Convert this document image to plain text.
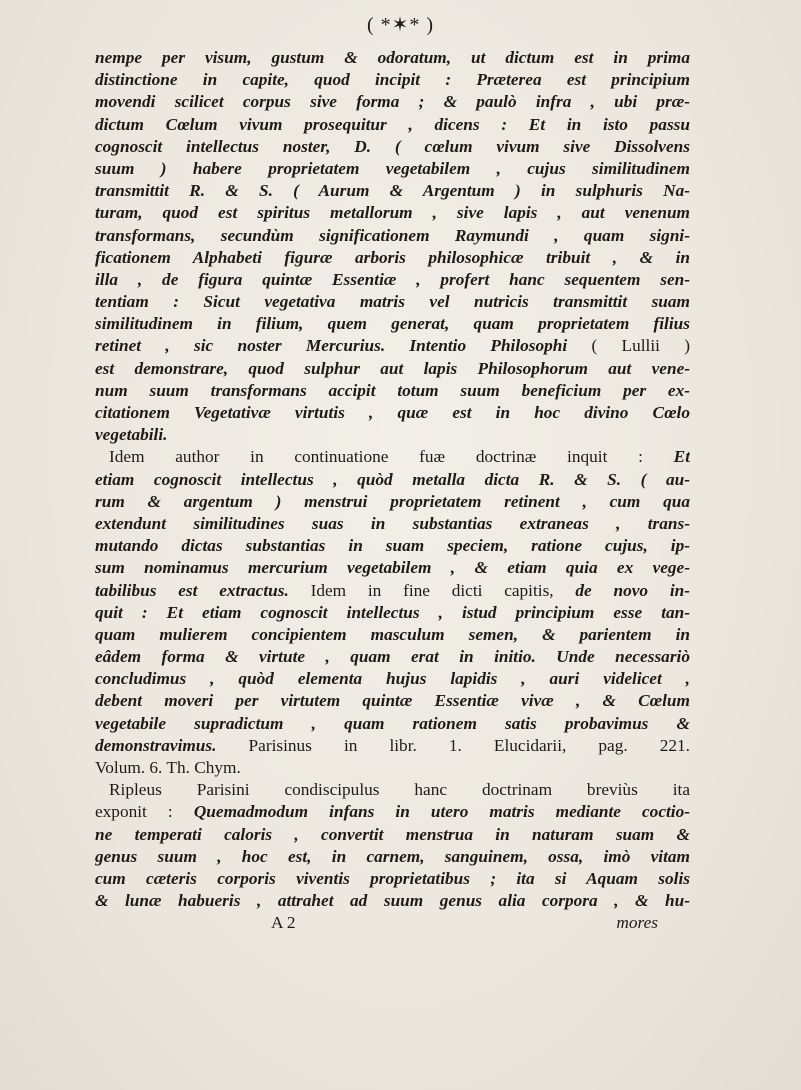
( *✶* )
nempe per visum, gustum & odoratum, ut dictum est in prima
distinctione in capite, quod incipit : Præterea est principium
movendi scilicet corpus sive forma ; & paulò infra , ubi præ-
dictum Cœlum vivum prosequitur , dicens : Et in isto passu
cognoscit intellectus noster, D. ( cœlum vivum sive Dissolvens
suum ) habere proprietatem vegetabilem , cujus similitudinem
transmittit R. & S. ( Aurum & Argentum ) in sulphuris Na-
turam, quod est spiritus metallorum , sive lapis , aut venenum
transformans, secundùm significationem Raymundi , quam signi-
ficationem Alphabeti figuræ arboris philosophicæ tribuit , & in
illa , de figura quintæ Essentiæ , profert hanc sequentem sen-
tentiam : Sicut vegetativa matris vel nutricis transmittit suam
similitudinem in filium, quem generat, quam proprietatem filius
retinet , sic noster Mercurius. Intentio Philosophi ( Lullii )
est demonstrare, quod sulphur aut lapis Philosophorum aut vene-
num suum transformans accipit totum suum beneficium per ex-
citationem Vegetativæ virtutis , quæ est in hoc divino Cœlo
vegetabili.
Idem author in continuatione fuæ doctrinæ inquit : Et
etiam cognoscit intellectus , quòd metalla dicta R. & S. ( au-
rum & argentum ) menstrui proprietatem retinent , cum qua
extendunt similitudines suas in substantias extraneas , trans-
mutando dictas substantias in suam speciem, ratione cujus, ip-
sum nominamus mercurium vegetabilem , & etiam quia ex vege-
tabilibus est extractus. Idem in fine dicti capitis, de novo in-
quit : Et etiam cognoscit intellectus , istud principium esse tan-
quam mulierem concipientem masculum semen, & parientem in
eâdem forma & virtute , quam erat in initio. Unde necessariò
concludimus , quòd elementa hujus lapidis , auri videlicet ,
debent moveri per virtutem quintæ Essentiæ vivæ , & Cœlum
vegetabile supradictum , quam rationem satis probavimus &
demonstravimus. Parisinus in libr. 1. Elucidarii, pag. 221.
Volum. 6. Th. Chym.
Ripleus Parisini condiscipulus hanc doctrinam breviùs ita
exponit : Quemadmodum infans in utero matris mediante coctio-
ne temperati caloris , convertit menstrua in naturam suam &
genus suum , hoc est, in carnem, sanguinem, ossa, imò vitam
cum cæteris corporis viventis proprietatibus ; ita si Aquam solis
& lunæ habueris , attrahet ad suum genus alia corpora , & hu-
A 2	mores
